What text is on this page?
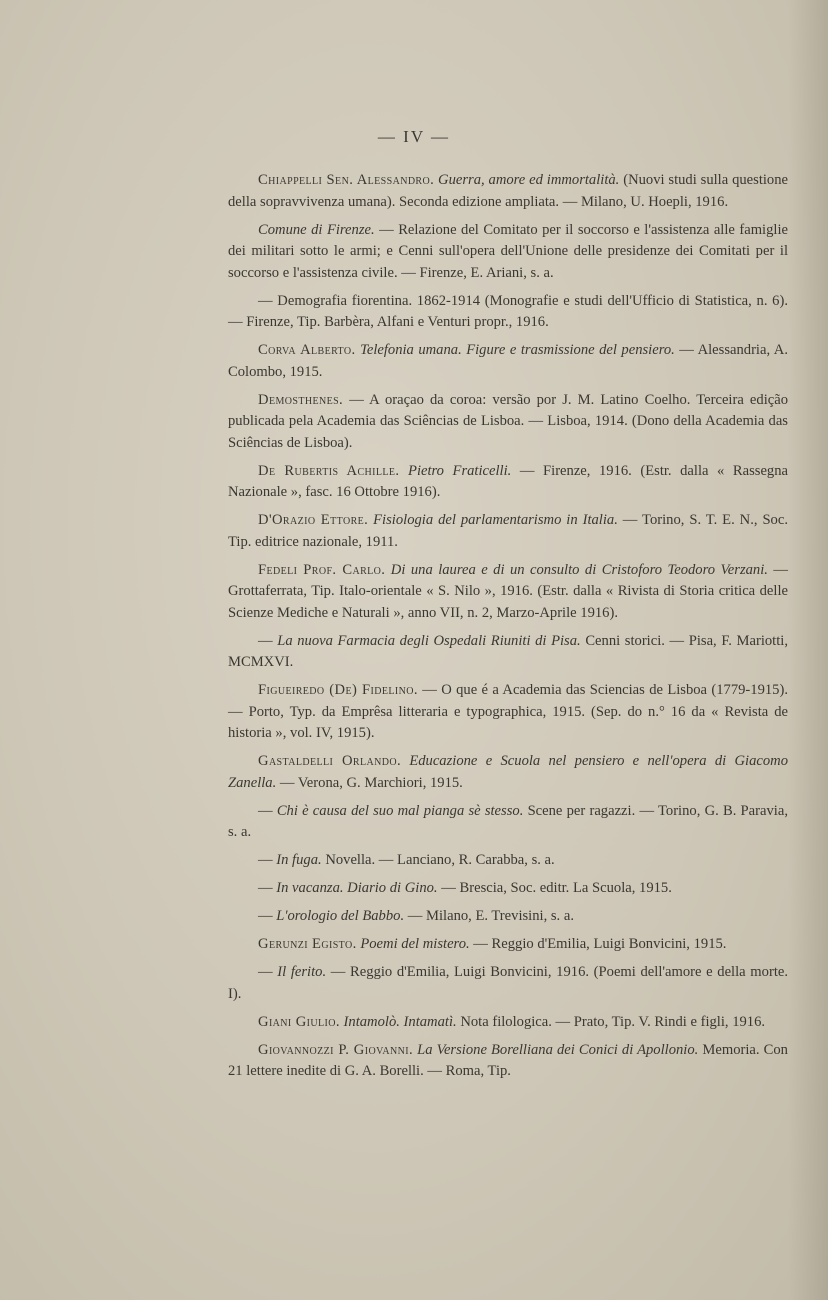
— IV —

Chiappelli Sen. Alessandro. Guerra, amore ed immortalità. (Nuovi studi sulla questione della sopravvivenza umana). Seconda edizione ampliata. — Milano, U. Hoepli, 1916.

Comune di Firenze. — Relazione del Comitato per il soccorso e l'assistenza alle famiglie dei militari sotto le armi; e Cenni sull'opera dell'Unione delle presidenze dei Comitati per il soccorso e l'assistenza civile. — Firenze, E. Ariani, s. a.

— Demografia fiorentina. 1862-1914 (Monografie e studi dell'Ufficio di Statistica, n. 6). — Firenze, Tip. Barbèra, Alfani e Venturi propr., 1916.

Corva Alberto. Telefonia umana. Figure e trasmissione del pensiero. — Alessandria, A. Colombo, 1915.

Demosthenes. — A oraçao da coroa: versão por J. M. Latino Coelho. Terceira edição publicada pela Academia das Sciências de Lisboa. — Lisboa, 1914. (Dono della Academia das Sciências de Lisboa).

De Rubertis Achille. Pietro Fraticelli. — Firenze, 1916. (Estr. dalla « Rassegna Nazionale », fasc. 16 Ottobre 1916).

D'Orazio Ettore. Fisiologia del parlamentarismo in Italia. — Torino, S. T. E. N., Soc. Tip. editrice nazionale, 1911.

Fedeli Prof. Carlo. Di una laurea e di un consulto di Cristoforo Teodoro Verzani. — Grottaferrata, Tip. Italo-orientale « S. Nilo », 1916. (Estr. dalla « Rivista di Storia critica delle Scienze Mediche e Naturali », anno VII, n. 2, Marzo-Aprile 1916).

— La nuova Farmacia degli Ospedali Riuniti di Pisa. Cenni storici. — Pisa, F. Mariotti, MCMXVI.

Figueiredo (De) Fidelino. — O que é a Academia das Sciencias de Lisboa (1779-1915). — Porto, Typ. da Emprêsa litteraria e typographica, 1915. (Sep. do n.° 16 da « Revista de historia », vol. IV, 1915).

Gastaldelli Orlando. Educazione e Scuola nel pensiero e nell'opera di Giacomo Zanella. — Verona, G. Marchiori, 1915.

— Chi è causa del suo mal pianga sè stesso. Scene per ragazzi. — Torino, G. B. Paravia, s. a.

— In fuga. Novella. — Lanciano, R. Carabba, s. a.

— In vacanza. Diario di Gino. — Brescia, Soc. editr. La Scuola, 1915.

— L'orologio del Babbo. — Milano, E. Trevisini, s. a.

Gerunzi Egisto. Poemi del mistero. — Reggio d'Emilia, Luigi Bonvicini, 1915.

— Il ferito. — Reggio d'Emilia, Luigi Bonvicini, 1916. (Poemi dell'amore e della morte. I).

Giani Giulio. Intamolò. Intamatì. Nota filologica. — Prato, Tip. V. Rindi e figli, 1916.

Giovannozzi P. Giovanni. La Versione Borelliana dei Conici di Apollonio. Memoria. Con 21 lettere inedite di G. A. Borelli. — Roma, Tip.
